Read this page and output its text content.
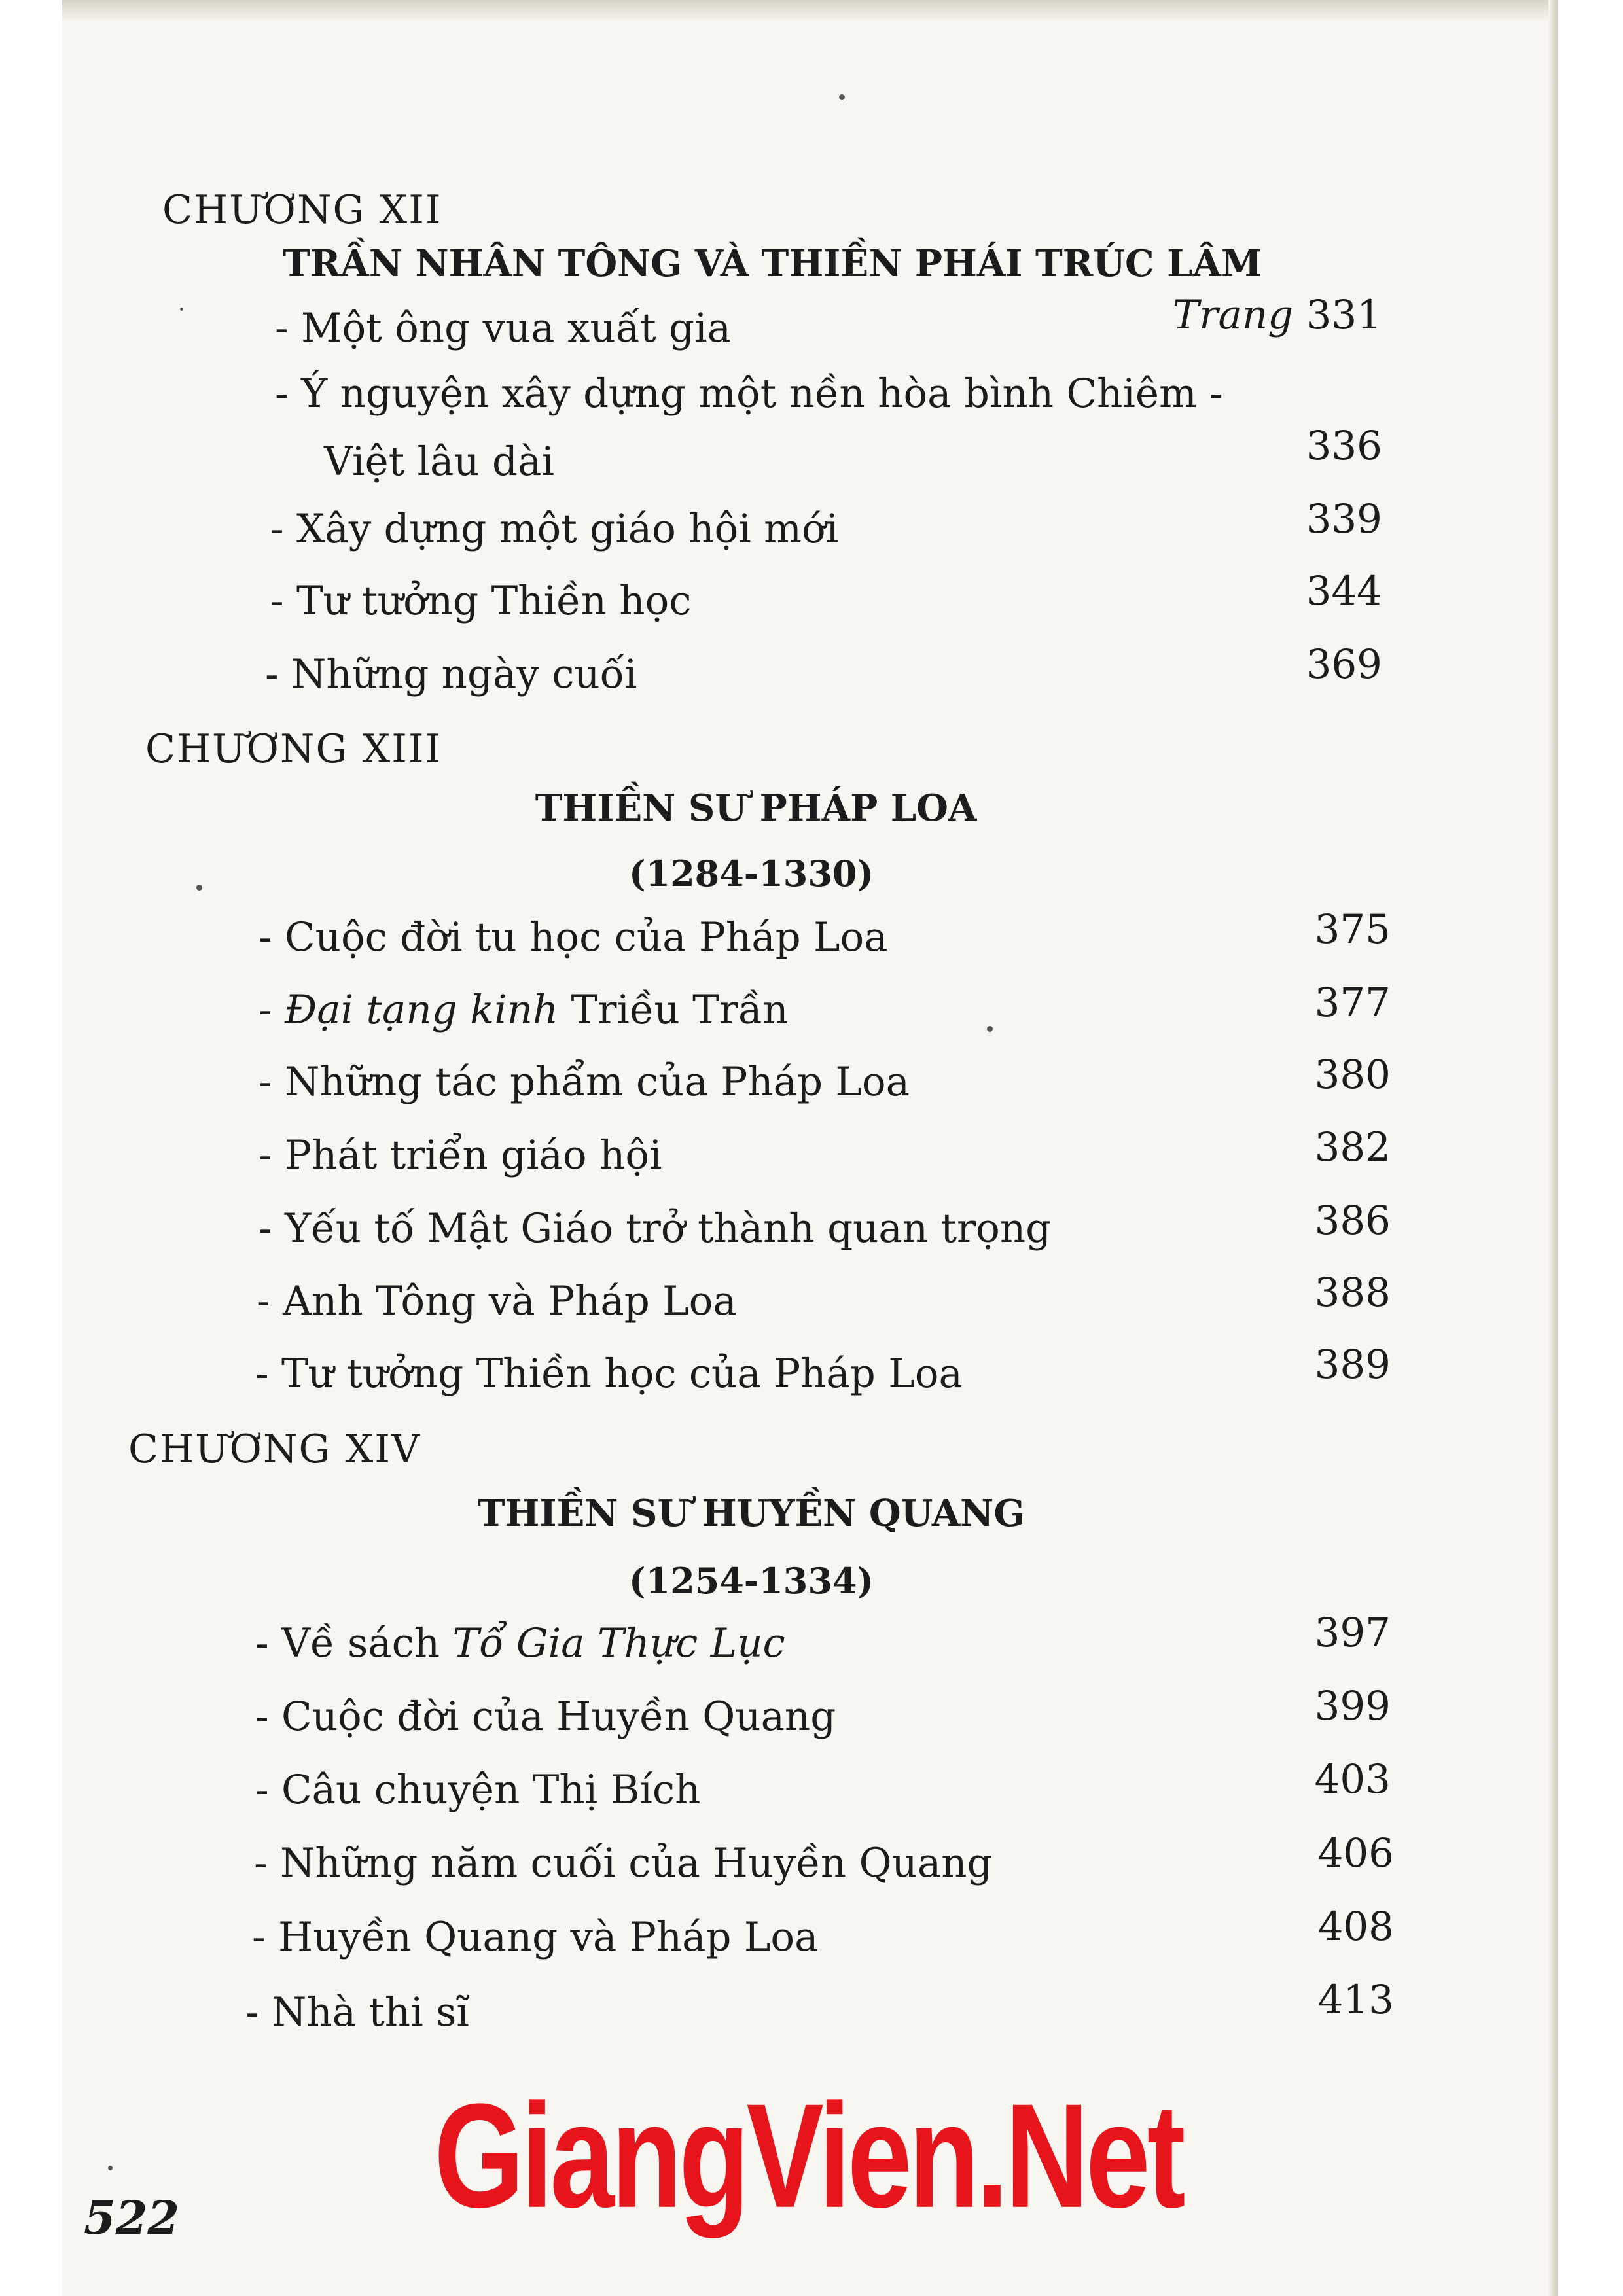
CHƯƠNG XII
TRẦN NHÂN TÔNG VÀ THIỀN PHÁI TRÚC LÂM
- Một ông vua xuất gia	Trang 331
- Ý nguyện xây dựng một nền hòa bình Chiêm -
Việt lâu dài	336
- Xây dựng một giáo hội mới	339
- Tư tưởng Thiền học	344
- Những ngày cuối	369
CHƯƠNG XIII
THIỀN SƯ PHÁP LOA
(1284-1330)
- Cuộc đời tu học của Pháp Loa	375
- Đại tạng kinh Triều Trần	377
- Những tác phẩm của Pháp Loa	380
- Phát triển giáo hội	382
- Yếu tố Mật Giáo trở thành quan trọng	386
- Anh Tông và Pháp Loa	388
- Tư tưởng Thiền học của Pháp Loa	389
CHƯƠNG XIV
THIỀN SƯ HUYỀN QUANG
(1254-1334)
- Về sách Tổ Gia Thực Lục	397
- Cuộc đời của Huyền Quang	399
- Câu chuyện Thị Bích	403
- Những năm cuối của Huyền Quang	406
- Huyền Quang và Pháp Loa	408
- Nhà thi sĩ	413
GiangVien.Net
522
